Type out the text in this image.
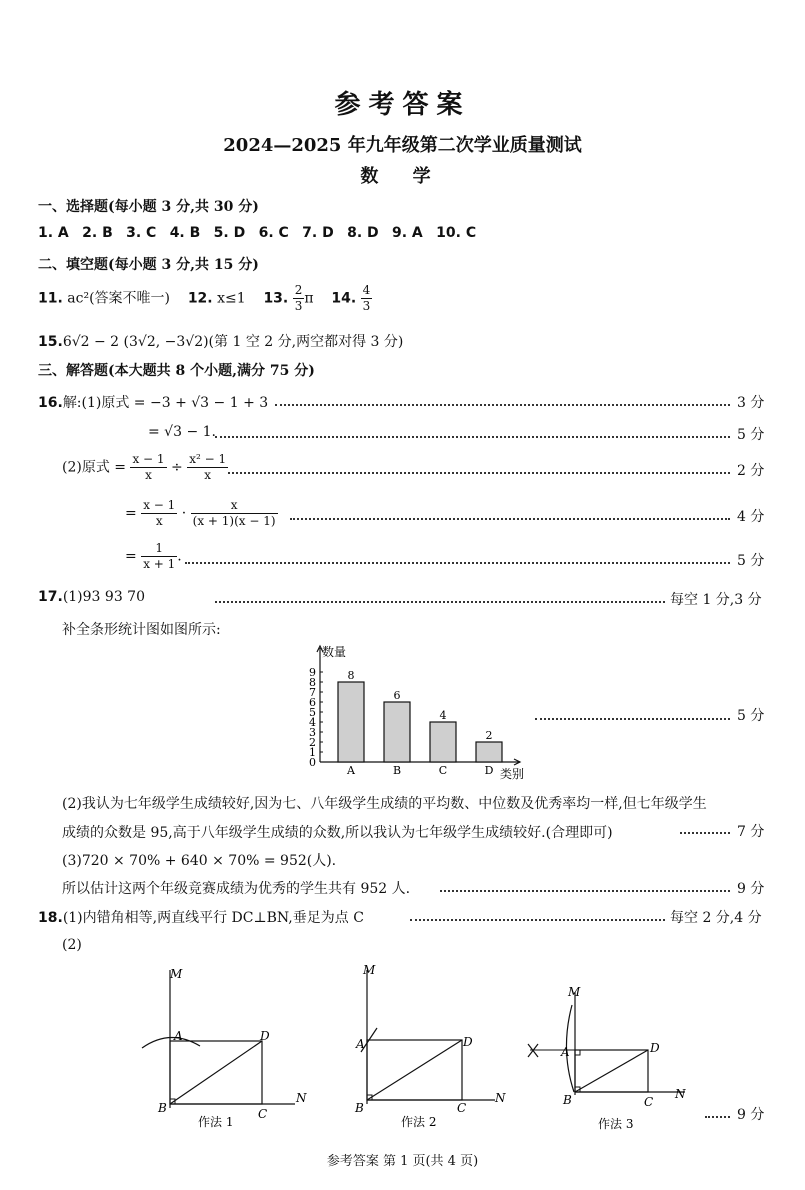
参考答案
2024—2025 年九年级第二次学业质量测试
数 学
一、选择题(每小题 3 分,共 30 分)
1. A 2. B 3. C 4. B 5. D 6. C 7. D 8. D 9. A 10. C
二、填空题(每小题 3 分,共 15 分)
11. ac²(答案不唯一) 12. x≤1 13. $\frac{2}{3}$ π 14. $\frac{4}{3}$
15.6√2 − 2 (3√2, −3√2)(第 1 空 2 分,两空都对得 3 分)
三、解答题(本大题共 8 个小题,满分 75 分)
16.解:(1)原式 = −3 + √3 − 1 + 3	3 分
= √3 − 1.	5 分
(2)原式 = $\frac{x - 1}{x} \div \frac{\text{x² − 1}}{x}$	2 分
= $\frac{x - 1}{x} \cdot \frac{x}{(x + 1)(x - 1)}$	4 分
= $\frac{1}{x + 1}$ .	5 分
17.(1)93 93 70	每空 1 分,3 分
补全条形统计图如图所示:
0
1
2
3
4
5
6
7
8
9
数量
8
A
6
B
4
C
2
D 类别
5 分
(2)我认为七年级学生成绩较好,因为七、八年级学生成绩的平均数、中位数及优秀率均一样,但七年级学生
成绩的众数是 95,高于八年级学生成绩的众数,所以我认为七年级学生成绩较好.(合理即可)	7 分
(3)720 × 70% + 640 × 70% = 952(人).
所以估计这两个年级竞赛成绩为优秀的学生共有 952 人.	9 分
18.(1)内错角相等,两直线平行 DC⊥BN,垂足为点 C	每空 2 分,4 分
(2)
M
A	D
B	C
N
作法 1
M
A	D
B	C
N
作法 2
M
A	D
B	C
N
作法 3
9 分
参考答案 第 1 页(共 4 页)
